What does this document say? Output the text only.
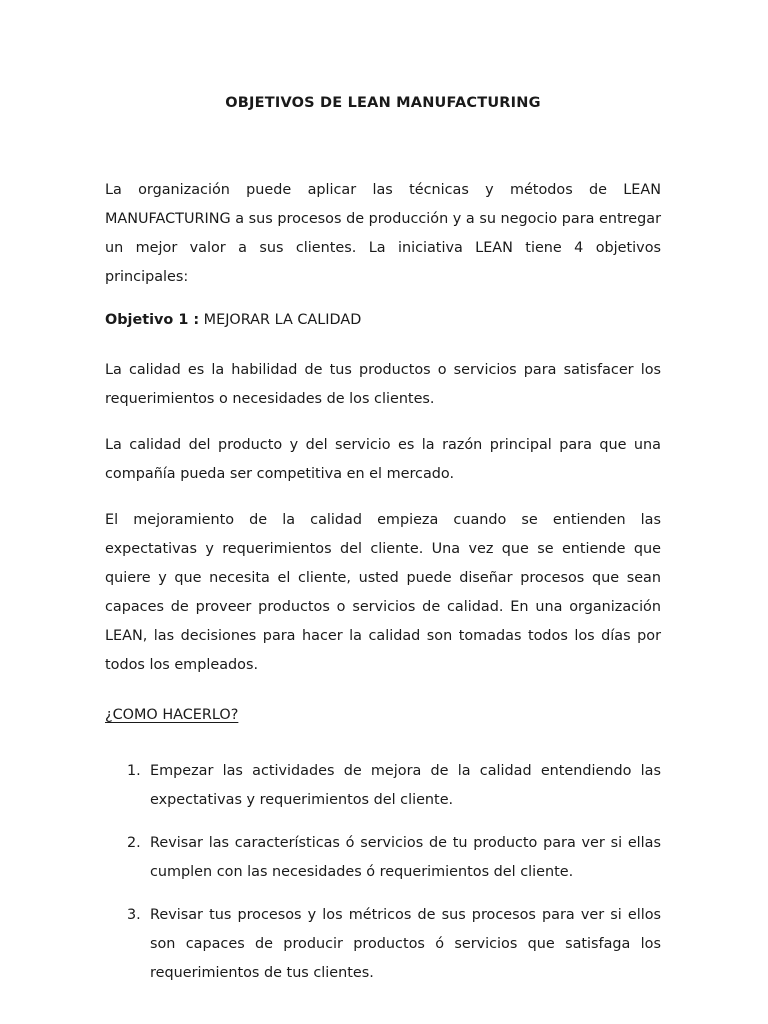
OBJETIVOS DE LEAN MANUFACTURING

La organización puede aplicar las técnicas y métodos de LEAN MANUFACTURING a sus procesos de producción y a su negocio para entregar un mejor valor a sus clientes. La iniciativa LEAN tiene 4 objetivos principales:

Objetivo 1 : MEJORAR LA CALIDAD

La calidad es la habilidad de tus productos o servicios para satisfacer los requerimientos o necesidades de los clientes.

La calidad del producto y del servicio es la razón principal para que una compañía pueda ser competitiva en el mercado.

El mejoramiento de la calidad empieza cuando se entienden las expectativas y requerimientos del cliente. Una vez que se entiende que quiere y que necesita el cliente, usted puede diseñar procesos que sean capaces de proveer productos o servicios de calidad. En una organización LEAN, las decisiones para hacer la calidad son tomadas todos los días por todos los empleados.

¿COMO HACERLO?
1. Empezar las actividades de mejora de la calidad entendiendo las expectativas y requerimientos del cliente.
2. Revisar las características ó servicios de tu producto para ver si ellas cumplen con las necesidades ó requerimientos del cliente.
3. Revisar tus procesos y los métricos de sus procesos para ver si ellos son capaces de producir productos ó servicios que satisfaga los requerimientos de tus clientes.
